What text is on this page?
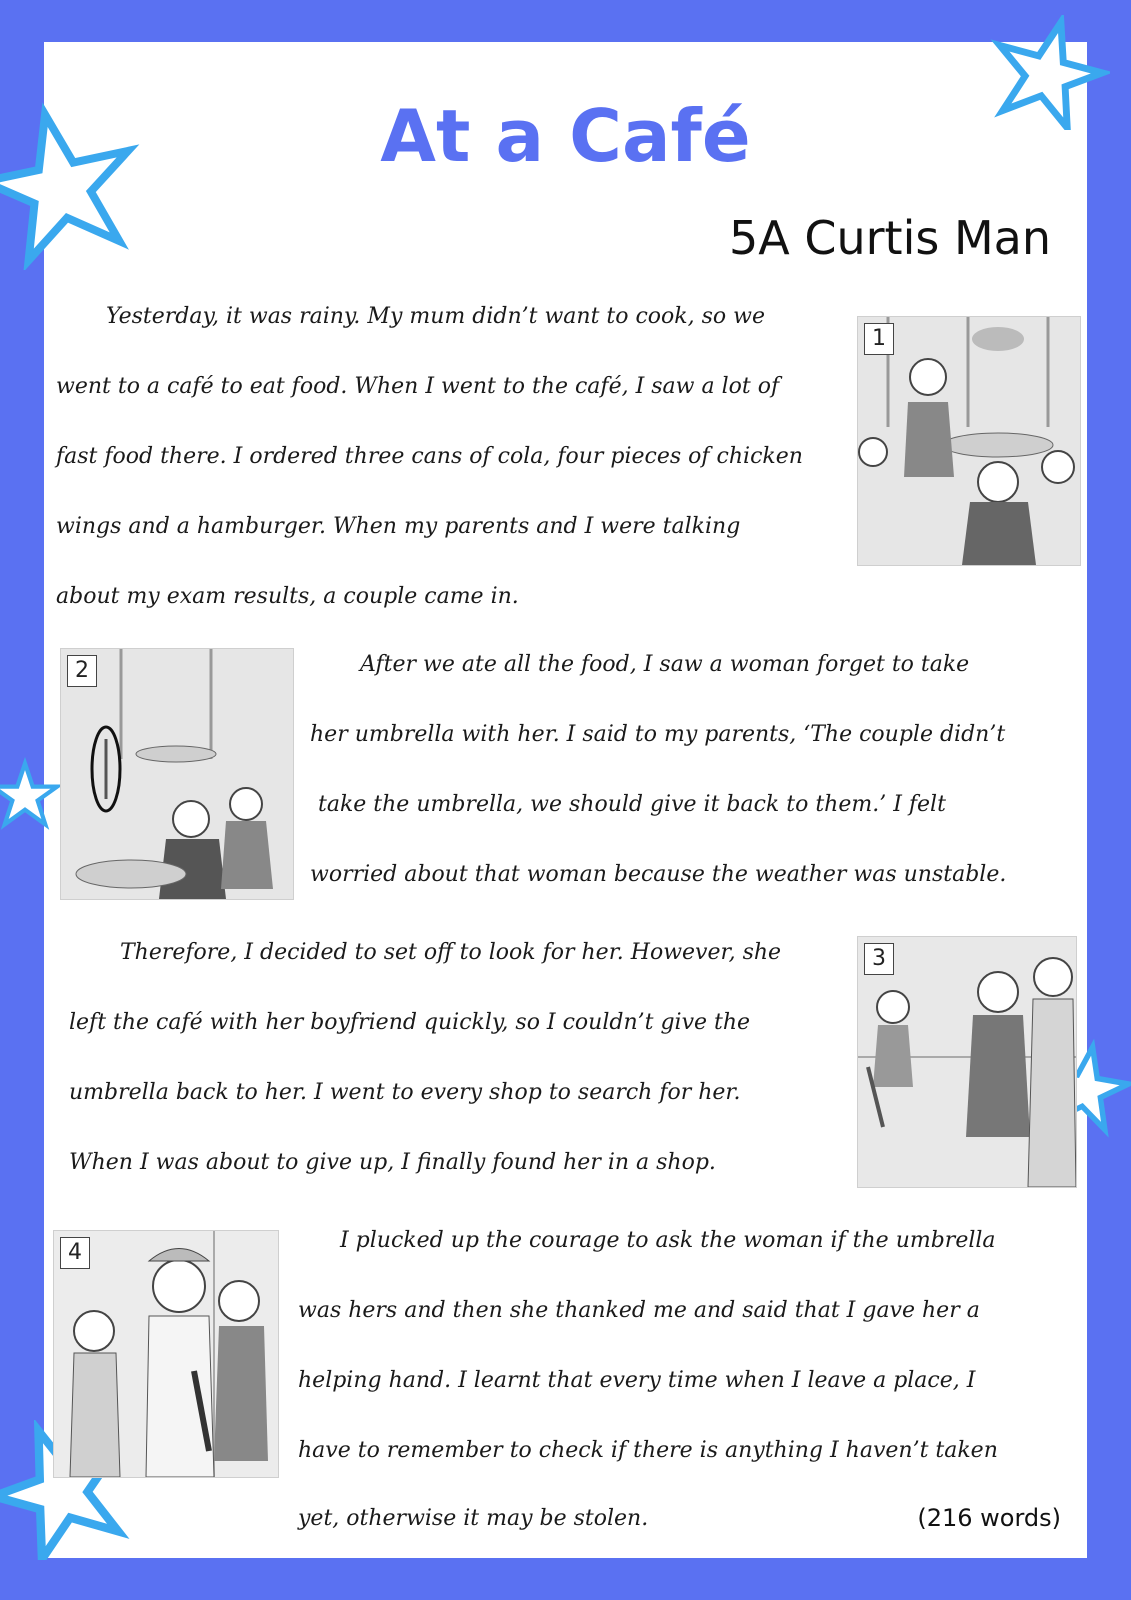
At a Café
5A Curtis Man
Yesterday, it was rainy. My mum didn’t want to cook, so we
went to a café to eat food. When I went to the café, I saw a lot of
fast food there. I ordered three cans of cola, four pieces of chicken
wings and a hamburger. When my parents and I were talking
about my exam results, a couple came in.
1
2	After we ate all the food, I saw a woman forget to take
her umbrella with her. I said to my parents, ‘The couple didn’t
take the umbrella, we should give it back to them.’ I felt
worried about that woman because the weather was unstable.
Therefore, I decided to set off to look for her. However, she
left the café with her boyfriend quickly, so I couldn’t give the
umbrella back to her. I went to every shop to search for her.
When I was about to give up, I finally found her in a shop.
3
4	I plucked up the courage to ask the woman if the umbrella
was hers and then she thanked me and said that I gave her a
helping hand. I learnt that every time when I leave a place, I
have to remember to check if there is anything I haven’t taken
yet, otherwise it may be stolen.	(216 words)
